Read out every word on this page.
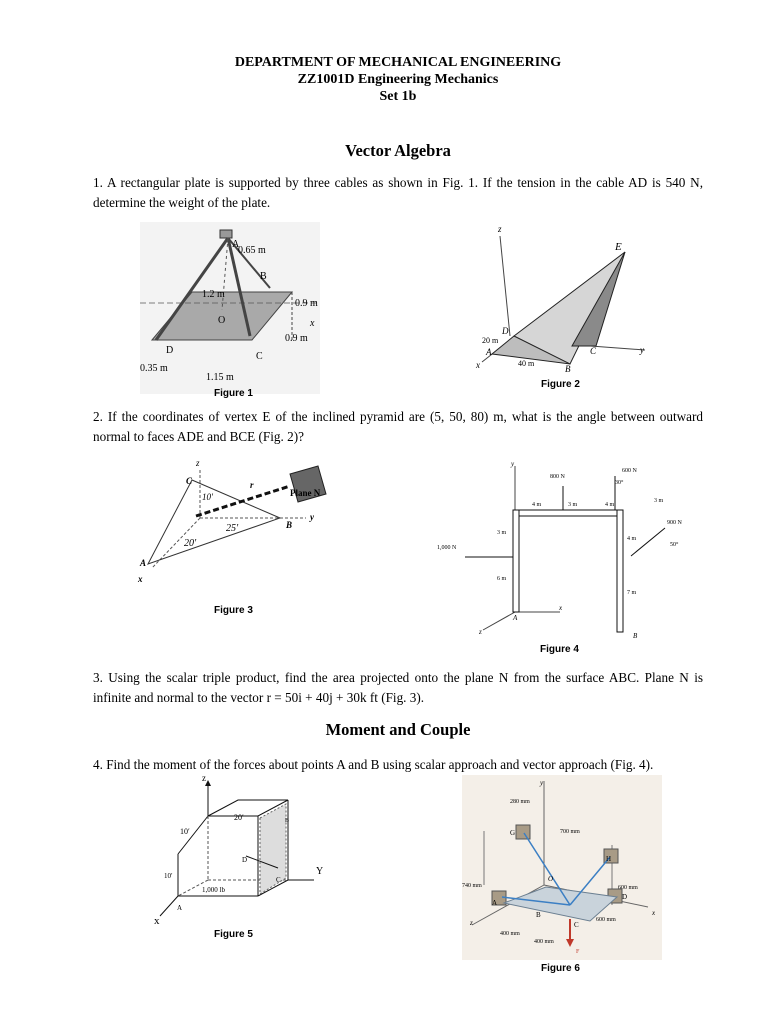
DEPARTMENT OF MECHANICAL ENGINEERING
ZZ1001D Engineering Mechanics
Set 1b
Vector Algebra
1. A rectangular plate is supported by three cables as shown in Fig. 1. If the tension in the cable AD is 540 N, determine the weight of the plate.
A
0.65 m
B
1.2 m
O
0.9 m
x
0.9 m
C
D
0.35 m
1.15 m
Figure 1
z
E
D
20 m
A	C	y
40 m
x	B
Figure 2
2. If the coordinates of vertex E of the inclined pyramid are (5, 50, 80) m, what is the angle between outward normal to faces ADE and BCE (Fig. 2)?
z
C
10′
r
Plane N
25′	B
y
20′
A
x
Figure 3
y
800 N
600 N
30°
4 m	3 m	4 m
3 m
900 N
3 m
4 m
50°
1,000 N
6 m
7 m
x
A
z	B
Figure 4
3. Using the scalar triple product, find the area projected onto the plane N from the surface ABC. Plane N is infinite and normal to the vector r = 50i + 40j + 30k ft (Fig. 3).
Moment and Couple
4. Find the moment of the forces about points A and B using scalar approach and vector approach (Fig. 4).
z
20′	B
10′
D
Y
10′	C
1,000 lb
A
x
Figure 5
y
280 mm
G	700 mm
H
O
740 mm	600 mm
A
D
B
600 mm
x
z	C
400 mm
400 mm
F
Figure 6
